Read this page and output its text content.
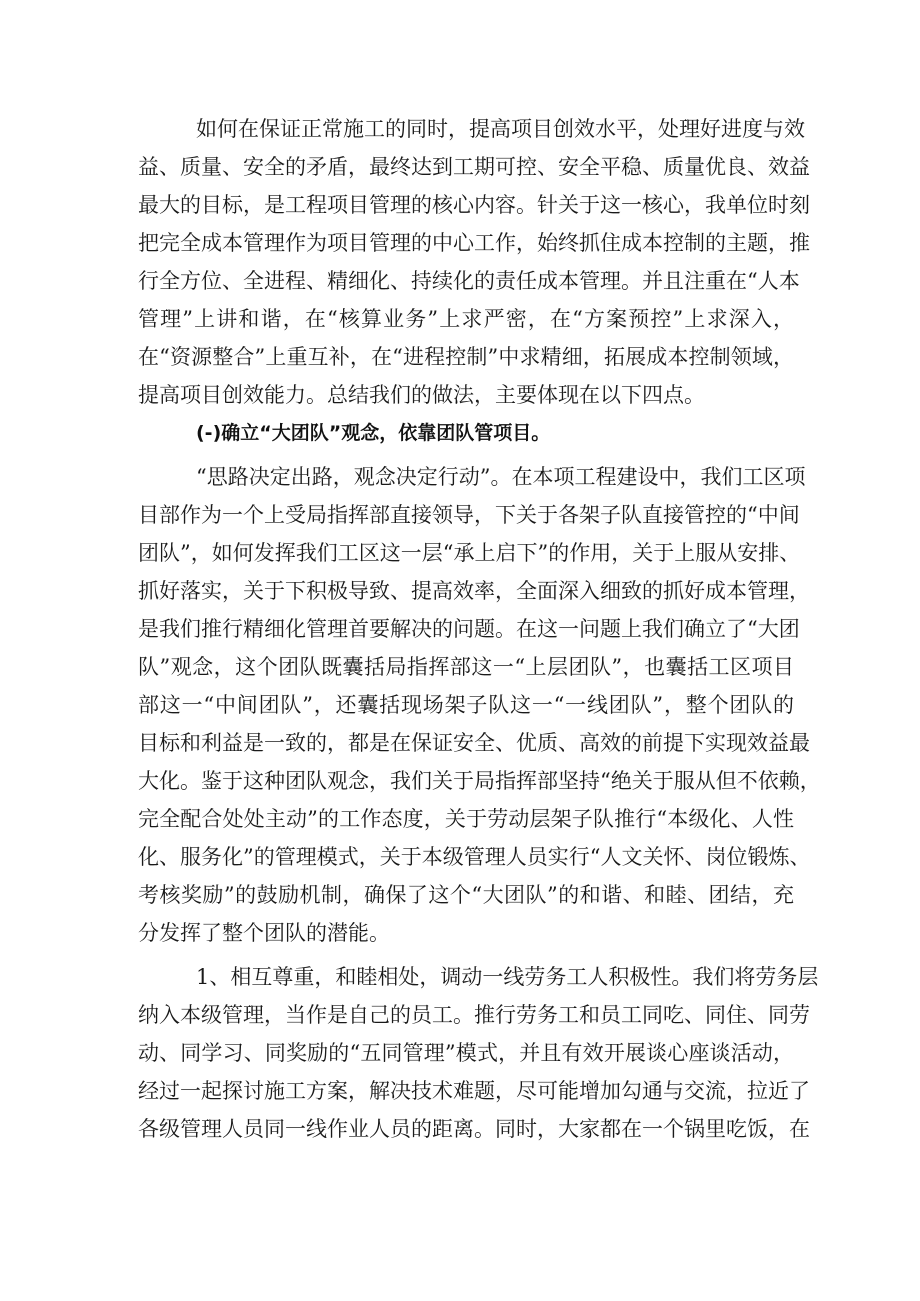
如何在保证正常施工的同时，提高项目创效水平，处理好进度与效

益、质量、安全的矛盾，最终达到工期可控、安全平稳、质量优良、效益

最大的目标，是工程项目管理的核心内容。针关于这一核心，我单位时刻

把完全成本管理作为项目管理的中心工作，始终抓住成本控制的主题，推

行全方位、全进程、精细化、持续化的责任成本管理。并且注重在“人本

管理”上讲和谐，在“核算业务”上求严密，在“方案预控”上求深入，

在“资源整合”上重互补，在“进程控制”中求精细，拓展成本控制领域，

提高项目创效能力。总结我们的做法，主要体现在以下四点。

(-)确立“大团队”观念，依靠团队管项目。

“思路决定出路，观念决定行动”。在本项工程建设中，我们工区项

目部作为一个上受局指挥部直接领导，下关于各架子队直接管控的“中间

团队”，如何发挥我们工区这一层“承上启下”的作用，关于上服从安排、

抓好落实，关于下积极导致、提高效率，全面深入细致的抓好成本管理，

是我们推行精细化管理首要解决的问题。在这一问题上我们确立了“大团

队”观念，这个团队既囊括局指挥部这一“上层团队”，也囊括工区项目

部这一“中间团队”，还囊括现场架子队这一“一线团队”，整个团队的

目标和利益是一致的，都是在保证安全、优质、高效的前提下实现效益最

大化。鉴于这种团队观念，我们关于局指挥部坚持“绝关于服从但不依赖，

完全配合处处主动”的工作态度，关于劳动层架子队推行“本级化、人性

化、服务化”的管理模式，关于本级管理人员实行“人文关怀、岗位锻炼、

考核奖励”的鼓励机制，确保了这个“大团队”的和谐、和睦、团结，充

分发挥了整个团队的潜能。

1、相互尊重，和睦相处，调动一线劳务工人积极性。我们将劳务层

纳入本级管理，当作是自己的员工。推行劳务工和员工同吃、同住、同劳

动、同学习、同奖励的“五同管理”模式，并且有效开展谈心座谈活动，

经过一起探讨施工方案，解决技术难题，尽可能增加勾通与交流，拉近了

各级管理人员同一线作业人员的距离。同时，大家都在一个锅里吃饭，在
